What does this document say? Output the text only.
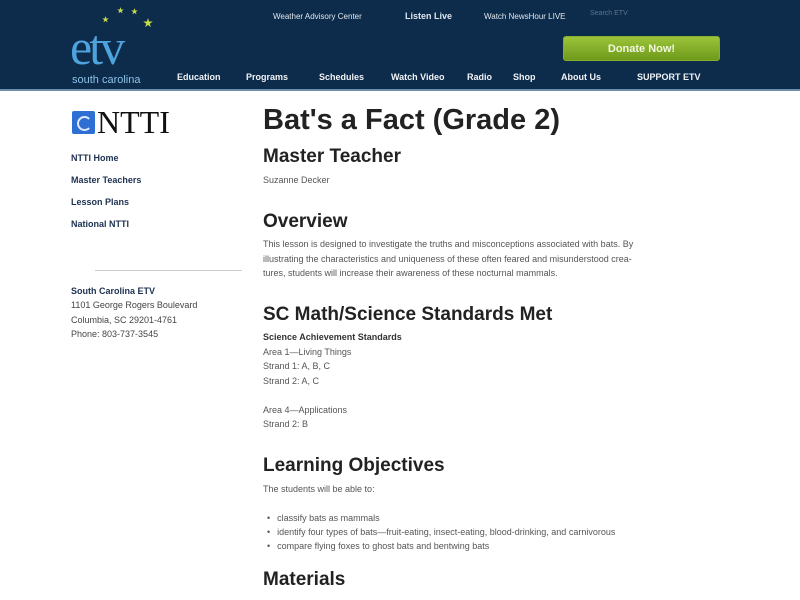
etv
south carolina
Weather Advisory Center	Listen Live	Watch NewsHour LIVE	Search ETV
Donate Now!
Education	Programs	Schedules	Watch Video Radio Shop	About Us	SUPPORT ETV
NTTI
NTTI Home
Master Teachers
Lesson Plans
National NTTI
South Carolina ETV
1101 George Rogers Boulevard
Columbia, SC 29201-4761
Phone: 803-737-3545
Bat's a Fact (Grade 2)
Master Teacher
Suzanne Decker
Overview
This lesson is designed to investigate the truths and misconceptions associated with bats. By
illustrating the characteristics and uniqueness of these often feared and misunderstood crea-
tures, students will increase their awareness of these nocturnal mammals.
SC Math/Science Standards Met
Science Achievement Standards
Area 1—Living Things
Strand 1: A, B, C
Strand 2: A, C
Area 4—Applications
Strand 2: B
Learning Objectives
The students will be able to:
• classify bats as mammals
• identify four types of bats—fruit-eating, insect-eating, blood-drinking, and carnivorous
• compare flying foxes to ghost bats and bentwing bats
Materials
